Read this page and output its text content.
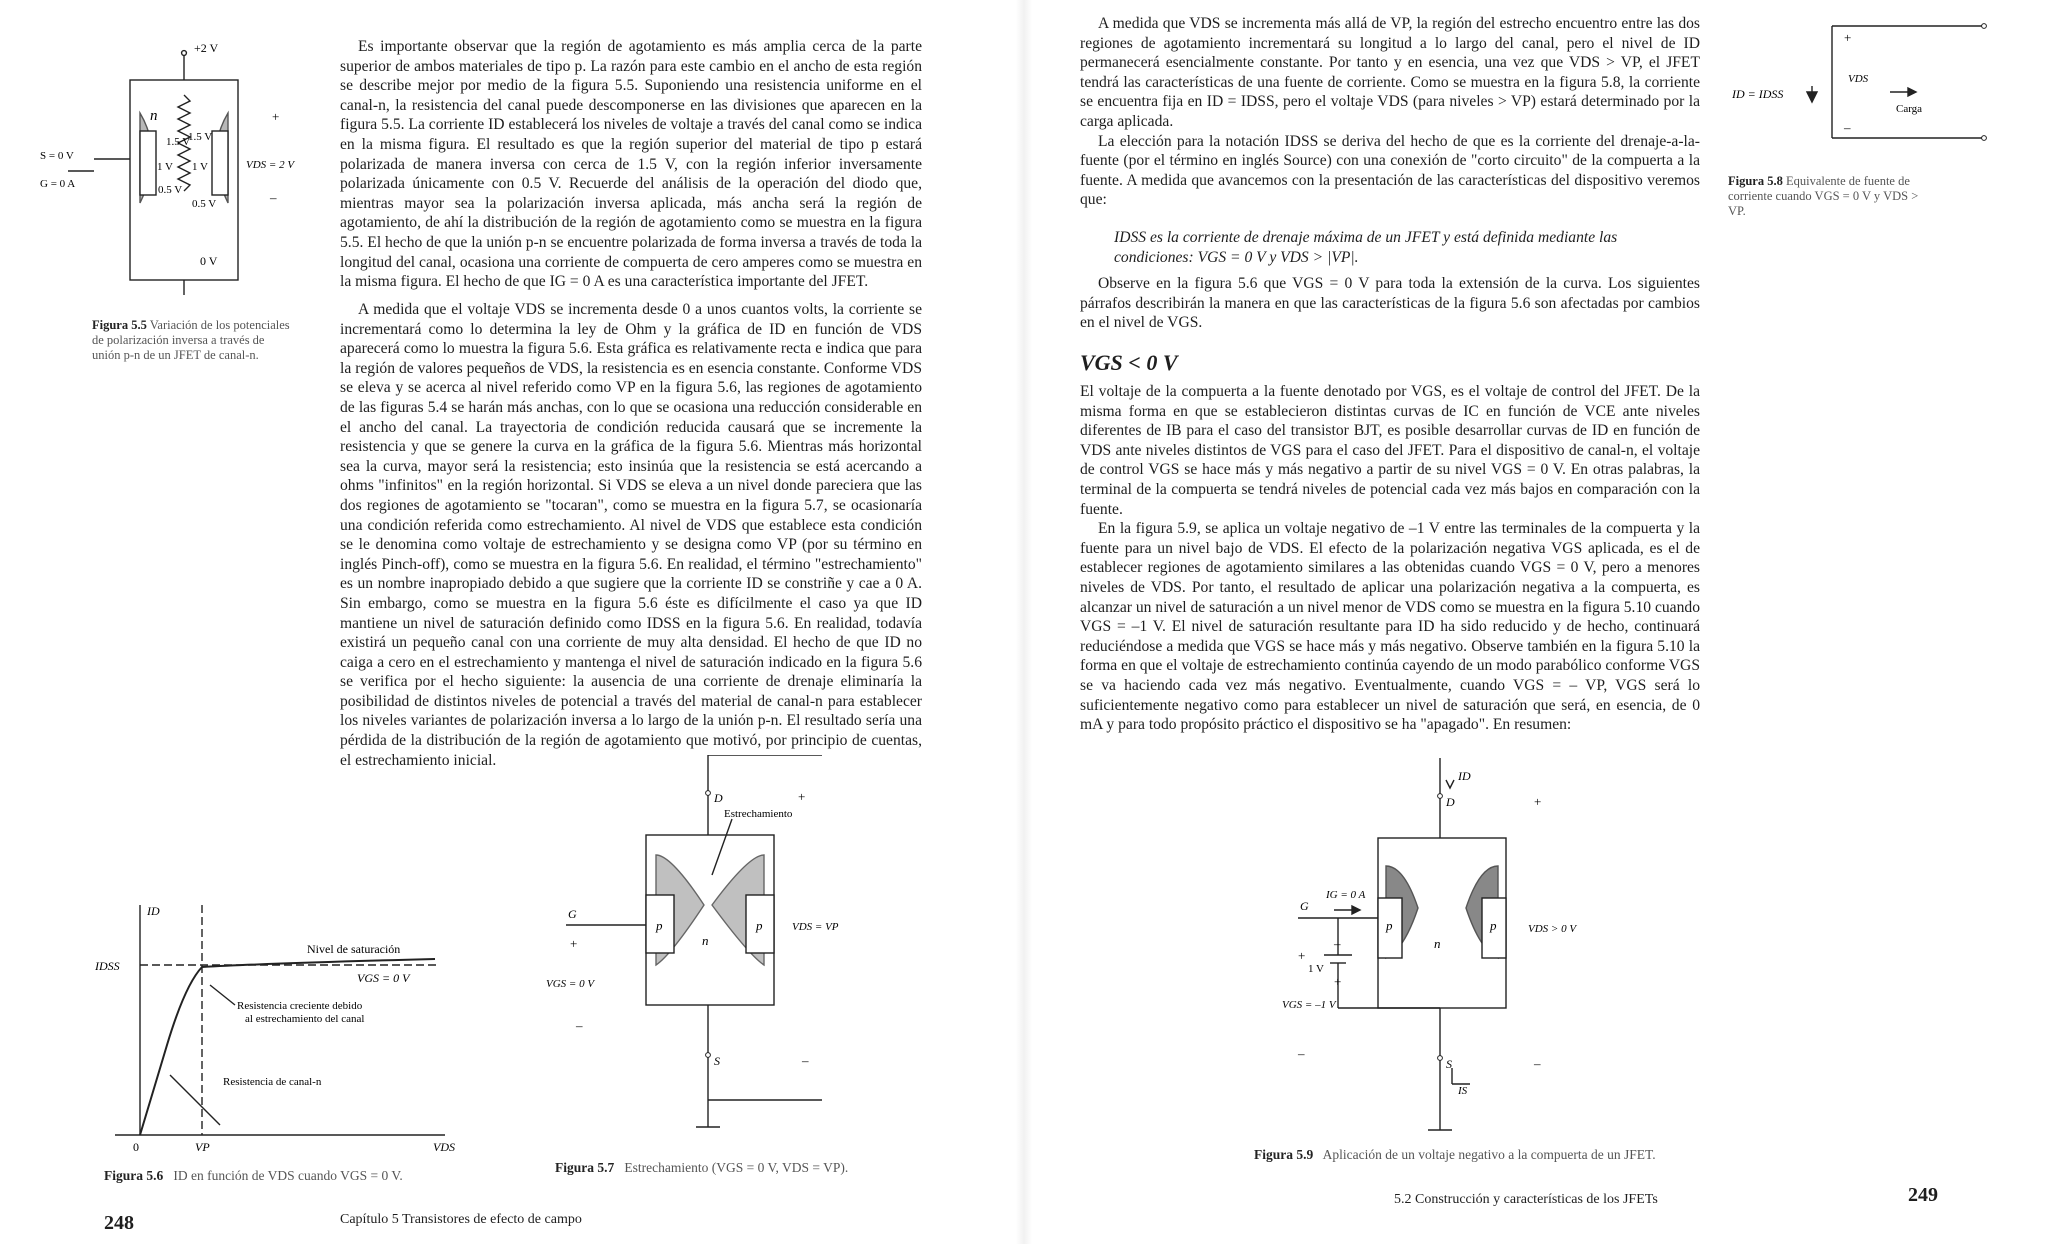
+2 V
n	+
1.5 V
1.5 V
1 V 1 V
0.5 V
0.5 V
VDS = 2 V
–
0 V
S = 0 V
G = 0 A
Figura 5.5 Variación de los potenciales de polarización inversa a través de unión p-n de un JFET de canal-n.

Es importante observar que la región de agotamiento es más amplia cerca de la parte superior de ambos materiales de tipo p. La razón para este cambio en el ancho de esta región se describe mejor por medio de la figura 5.5. Suponiendo una resistencia uniforme en el canal-n, la resistencia del canal puede descomponerse en las divisiones que aparecen en la figura 5.5. La corriente ID establecerá los niveles de voltaje a través del canal como se indica en la misma figura. El resultado es que la región superior del material de tipo p estará polarizada de manera inversa con cerca de 1.5 V, con la región inferior inversamente polarizada únicamente con 0.5 V. Recuerde del análisis de la operación del diodo que, mientras mayor sea la polarización inversa aplicada, más ancha será la región de agotamiento, de ahí la distribución de la región de agotamiento como se muestra en la figura 5.5. El hecho de que la unión p-n se encuentre polarizada de forma inversa a través de toda la longitud del canal, ocasiona una corriente de compuerta de cero amperes como se muestra en la misma figura. El hecho de que IG = 0 A es una característica importante del JFET.

A medida que el voltaje VDS se incrementa desde 0 a unos cuantos volts, la corriente se incrementará como lo determina la ley de Ohm y la gráfica de ID en función de VDS aparecerá como lo muestra la figura 5.6. Esta gráfica es relativamente recta e indica que para la región de valores pequeños de VDS, la resistencia es en esencia constante. Conforme VDS se eleva y se acerca al nivel referido como VP en la figura 5.6, las regiones de agotamiento de las figuras 5.4 se harán más anchas, con lo que se ocasiona una reducción considerable en el ancho del canal. La trayectoria de condición reducida causará que se incremente la resistencia y que se genere la curva en la gráfica de la figura 5.6. Mientras más horizontal sea la curva, mayor será la resistencia; esto insinúa que la resistencia se está acercando a ohms "infinitos" en la región horizontal. Si VDS se eleva a un nivel donde pareciera que las dos regiones de agotamiento se "tocaran", como se muestra en la figura 5.7, se ocasionaría una condición referida como estrechamiento. Al nivel de VDS que establece esta condición se le denomina como voltaje de estrechamiento y se designa como VP (por su término en inglés Pinch-off), como se muestra en la figura 5.6. En realidad, el término "estrechamiento" es un nombre inapropiado debido a que sugiere que la corriente ID se constriñe y cae a 0 A. Sin embargo, como se muestra en la figura 5.6 éste es difícilmente el caso ya que ID mantiene un nivel de saturación definido como IDSS en la figura 5.6. En realidad, todavía existirá un pequeño canal con una corriente de muy alta densidad. El hecho de que ID no caiga a cero en el estrechamiento y mantenga el nivel de saturación indicado en la figura 5.6 se verifica por el hecho siguiente: la ausencia de una corriente de drenaje eliminaría la posibilidad de distintos niveles de potencial a través del material de canal-n para establecer los niveles variantes de polarización inversa a lo largo de la unión p-n. El resultado sería una pérdida de la distribución de la región de agotamiento que motivó, por principio de cuentas, el estrechamiento inicial.

ID
IDSS
Nivel de saturación
VGS = 0 V
Resistencia creciente debido
al estrechamiento del canal
Resistencia de canal-n
0	VP	VDS
Figura 5.6 ID en función de VDS cuando VGS = 0 V.
D	+
Estrechamiento
G
+
p	p
n
VDS = VP
VGS = 0 V
–
S	–
Figura 5.7 Estrechamiento (VGS = 0 V, VDS = VP).
248	Capítulo 5 Transistores de efecto de campo

A medida que VDS se incrementa más allá de VP, la región del estrecho encuentro entre las dos regiones de agotamiento incrementará su longitud a lo largo del canal, pero el nivel de ID permanecerá esencialmente constante. Por tanto y en esencia, una vez que VDS > VP, el JFET tendrá las características de una fuente de corriente. Como se muestra en la figura 5.8, la corriente se encuentra fija en ID = IDSS, pero el voltaje VDS (para niveles > VP) estará determinado por la carga aplicada.

La elección para la notación IDSS se deriva del hecho de que es la corriente del drenaje-a-la-fuente (por el término en inglés Source) con una conexión de "corto circuito" de la compuerta a la fuente. A medida que avancemos con la presentación de las características del dispositivo veremos que:

IDSS es la corriente de drenaje máxima de un JFET y está definida mediante las condiciones: VGS = 0 V y VDS > |VP|.

Observe en la figura 5.6 que VGS = 0 V para toda la extensión de la curva. Los siguientes párrafos describirán la manera en que las características de la figura 5.6 son afectadas por cambios en el nivel de VGS.

VGS < 0 V

El voltaje de la compuerta a la fuente denotado por VGS, es el voltaje de control del JFET. De la misma forma en que se establecieron distintas curvas de IC en función de VCE ante niveles diferentes de IB para el caso del transistor BJT, es posible desarrollar curvas de ID en función de VDS ante niveles distintos de VGS para el caso del JFET. Para el dispositivo de canal-n, el voltaje de control VGS se hace más y más negativo a partir de su nivel VGS = 0 V. En otras palabras, la terminal de la compuerta se tendrá niveles de potencial cada vez más bajos en comparación con la fuente.

En la figura 5.9, se aplica un voltaje negativo de –1 V entre las terminales de la compuerta y la fuente para un nivel bajo de VDS. El efecto de la polarización negativa VGS aplicada, es el de establecer regiones de agotamiento similares a las obtenidas cuando VGS = 0 V, pero a menores niveles de VDS. Por tanto, el resultado de aplicar una polarización negativa a la compuerta, es alcanzar un nivel de saturación a un nivel menor de VDS como se muestra en la figura 5.10 cuando VGS = –1 V. El nivel de saturación resultante para ID ha sido reducido y de hecho, continuará reduciéndose a medida que VGS se hace más y más negativo. Observe también en la figura 5.10 la forma en que el voltaje de estrechamiento continúa cayendo de un modo parabólico conforme VGS se va haciendo cada vez más negativo. Eventualmente, cuando VGS = – VP, VGS será lo suficientemente negativo como para establecer un nivel de saturación que será, en esencia, de 0 mA y para todo propósito práctico el dispositivo se ha "apagado". En resumen:

ID = IDSS
VDS
Carga
+
–
Figura 5.8 Equivalente de fuente de corriente cuando VGS = 0 V y VDS > VP.
ID
D	+
IG = 0 A
G
p	p
n
VDS > 0 V
+
–
1 V
+
VGS = –1 V
–
S
IS
–
Figura 5.9 Aplicación de un voltaje negativo a la compuerta de un JFET.
5.2 Construcción y características de los JFETs	249
